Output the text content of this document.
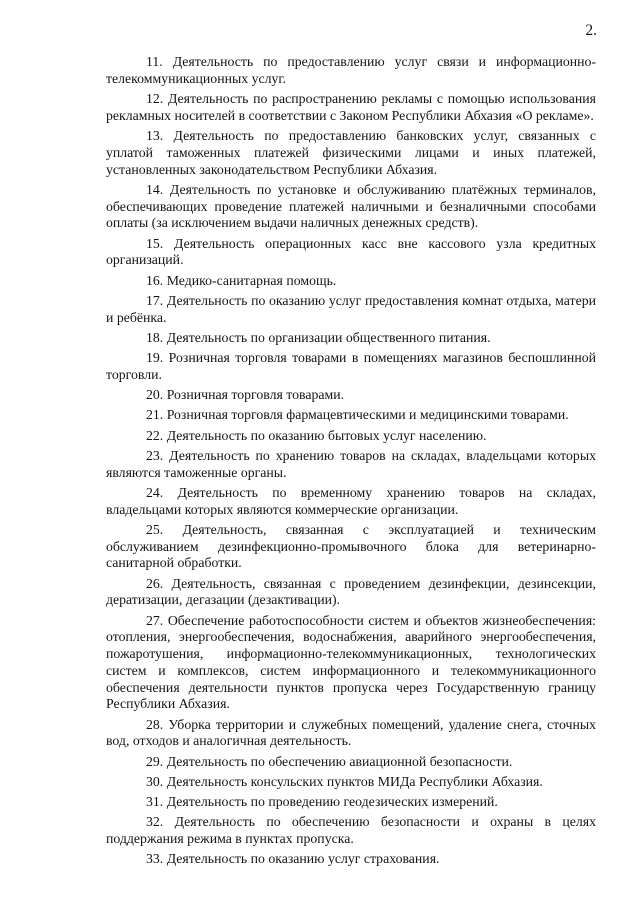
2.

11. Деятельность по предоставлению услуг связи и информационно-телекоммуникационных услуг.

12. Деятельность по распространению рекламы с помощью использования рекламных носителей в соответствии с Законом Республики Абхазия «О рекламе».

13. Деятельность по предоставлению банковских услуг, связанных с уплатой таможенных платежей физическими лицами и иных платежей, установленных законодательством Республики Абхазия.

14. Деятельность по установке и обслуживанию платёжных терминалов, обеспечивающих проведение платежей наличными и безналичными способами оплаты (за исключением выдачи наличных денежных средств).

15. Деятельность операционных касс вне кассового узла кредитных организаций.

16. Медико-санитарная помощь.

17. Деятельность по оказанию услуг предоставления комнат отдыха, матери и ребёнка.

18. Деятельность по организации общественного питания.

19. Розничная торговля товарами в помещениях магазинов беспошлинной торговли.

20. Розничная торговля товарами.

21. Розничная торговля фармацевтическими и медицинскими товарами.

22. Деятельность по оказанию бытовых услуг населению.

23. Деятельность по хранению товаров на складах, владельцами которых являются таможенные органы.

24. Деятельность по временному хранению товаров на складах, владельцами которых являются коммерческие организации.

25. Деятельность, связанная с эксплуатацией и техническим обслуживанием дезинфекционно-промывочного блока для ветеринарно-санитарной обработки.

26. Деятельность, связанная с проведением дезинфекции, дезинсекции, дератизации, дегазации (дезактивации).

27. Обеспечение работоспособности систем и объектов жизнеобеспечения: отопления, энергообеспечения, водоснабжения, аварийного энергообеспечения, пожаротушения, информационно-телекоммуникационных, технологических систем и комплексов, систем информационного и телекоммуникационного обеспечения деятельности пунктов пропуска через Государственную границу Республики Абхазия.

28. Уборка территории и служебных помещений, удаление снега, сточных вод, отходов и аналогичная деятельность.

29. Деятельность по обеспечению авиационной безопасности.

30. Деятельность консульских пунктов МИДа Республики Абхазия.

31. Деятельность по проведению геодезических измерений.

32. Деятельность по обеспечению безопасности и охраны в целях поддержания режима в пунктах пропуска.

33. Деятельность по оказанию услуг страхования.
